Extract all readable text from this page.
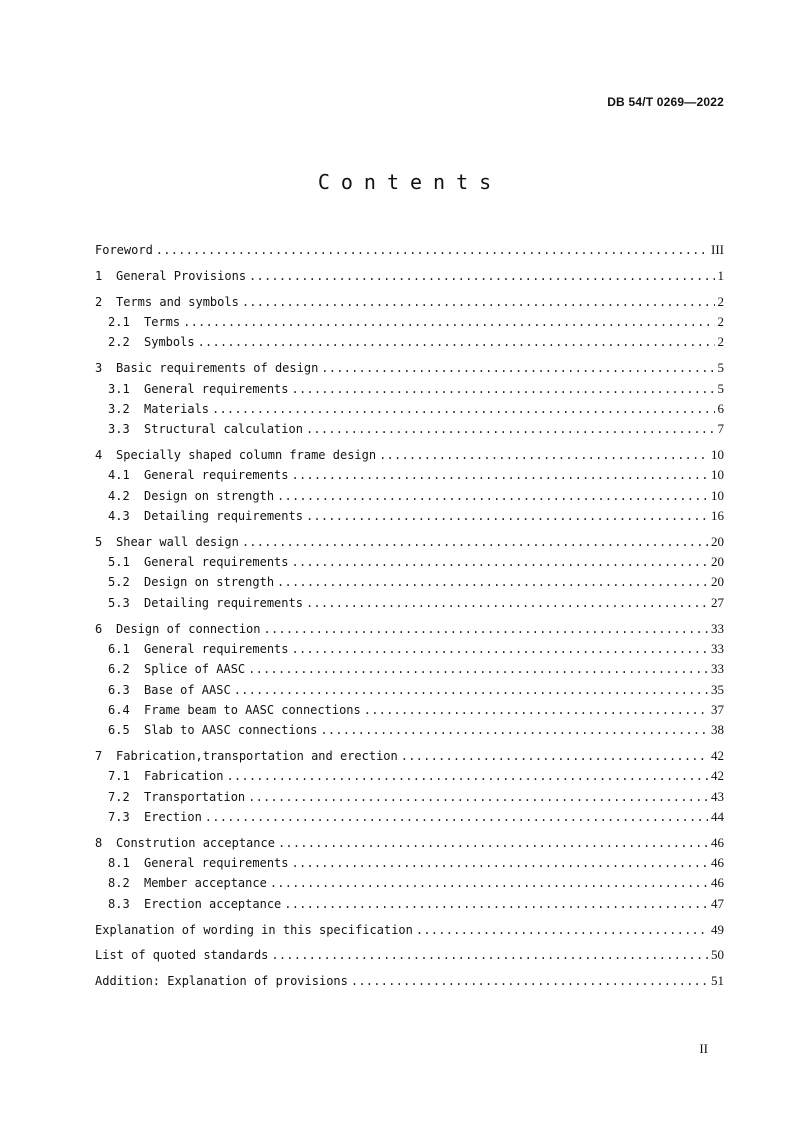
DB 54/T 0269—2022
Contents
Foreword . . .	III
1 General Provisions . . .	1
2 Terms and symbols . . .	2
2.1 Terms . . .	2
2.2 Symbols . . .	2
3 Basic requirements of design . . .	5
3.1 General requirements . . .	5
3.2 Materials . . .	6
3.3 Structural calculation . . .	7
4 Specially shaped column frame design . . .	10
4.1 General requirements . . .	10
4.2 Design on strength . . .	10
4.3 Detailing requirements . . .	16
5 Shear wall design . . .	20
5.1 General requirements . . .	20
5.2 Design on strength . . .	20
5.3 Detailing requirements . . .	27
6 Design of connection . . .	33
6.1 General requirements . . .	33
6.2 Splice of AASC . . .	33
6.3 Base of AASC . . .	35
6.4 Frame beam to AASC connections . . .	37
6.5 Slab to AASC connections . . .	38
7 Fabrication,transportation and erection . . .	42
7.1 Fabrication . . .	42
7.2 Transportation . . .	43
7.3 Erection . . .	44
8 Constrution acceptance . . .	46
8.1 General requirements . . .	46
8.2 Member acceptance . . .	46
8.3 Erection acceptance . . .	47
Explanation of wording in this specification . . .	49
List of quoted standards . . .	50
Addition: Explanation of provisions . . .	51
II
